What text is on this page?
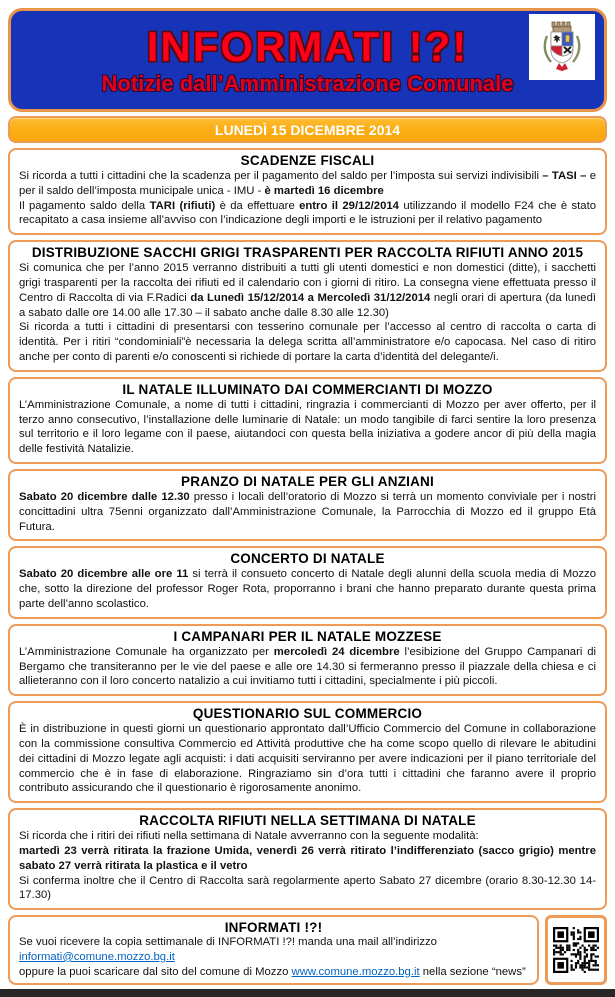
INFORMATI !?!
Notizie dall’Amministrazione Comunale
LUNEDÌ 15 DICEMBRE 2014
SCADENZE FISCALI

Si ricorda a tutti i cittadini che la scadenza per il pagamento del saldo per l’imposta sui servizi indivisibili – TASI – e per il saldo dell’imposta municipale unica - IMU - è martedì 16 dicembre

Il pagamento saldo della TARI (rifiuti) è da effettuare entro il 29/12/2014 utilizzando il modello F24 che è stato recapitato a casa insieme all’avviso con l’indicazione degli importi e le istruzioni per il relativo pagamento

DISTRIBUZIONE SACCHI GRIGI TRASPARENTI PER RACCOLTA RIFIUTI ANNO 2015

Si comunica che per l’anno 2015 verranno distribuiti a tutti gli utenti domestici e non domestici (ditte), i sacchetti grigi trasparenti per la raccolta dei rifiuti ed il calendario con i giorni di ritiro. La consegna viene effettuata presso il Centro di Raccolta di via F.Radici da Lunedì 15/12/2014 a Mercoledì 31/12/2014 negli orari di apertura (da lunedì a sabato dalle ore 14.00 alle 17.30 – il sabato anche dalle 8.30 alle 12.30)

Si ricorda a tutti i cittadini di presentarsi con tesserino comunale per l’accesso al centro di raccolta o carta di identità. Per i ritiri “condominiali”è necessaria la delega scritta all’amministratore e/o capocasa. Nel caso di ritiro anche per conto di parenti e/o conoscenti si richiede di portare la carta d’identità del delegante/i.

IL NATALE ILLUMINATO DAI COMMERCIANTI DI MOZZO

L’Amministrazione Comunale, a nome di tutti i cittadini, ringrazia i commercianti di Mozzo per aver offerto, per il terzo anno consecutivo, l’installazione delle luminarie di Natale: un modo tangibile di farci sentire la loro presenza sul territorio e il loro legame con il paese, aiutandoci con questa bella iniziativa a godere ancor di più della magia delle festività Natalizie.

PRANZO DI NATALE PER GLI ANZIANI

Sabato 20 dicembre dalle 12.30 presso i locali dell’oratorio di Mozzo si terrà un momento conviviale per i nostri concittadini ultra 75enni organizzato dall’Amministrazione Comunale, la Parrocchia di Mozzo ed il gruppo Età Futura.

CONCERTO DI NATALE

Sabato 20 dicembre alle ore 11 si terrà il consueto concerto di Natale degli alunni della scuola media di Mozzo che, sotto la direzione del professor Roger Rota, proporranno i brani che hanno preparato durante questa prima parte dell’anno scolastico.

I CAMPANARI PER IL NATALE MOZZESE

L’Amministrazione Comunale ha organizzato per mercoledì 24 dicembre l’esibizione del Gruppo Campanari di Bergamo che transiteranno per le vie del paese e alle ore 14.30 si fermeranno presso il piazzale della chiesa e ci allieteranno con il loro concerto natalizio a cui invitiamo tutti i cittadini, specialmente i più piccoli.

QUESTIONARIO SUL COMMERCIO

È in distribuzione in questi giorni un questionario approntato dall’Ufficio Commercio del Comune in collaborazione con la commissione consultiva Commercio ed Attività produttive che ha come scopo quello di rilevare le abitudini dei cittadini di Mozzo legate agli acquisti: i dati acquisiti serviranno per avere indicazioni per il piano territoriale del commercio che è in fase di elaborazione. Ringraziamo sin d’ora tutti i cittadini che faranno avere il proprio contributo assicurando che il questionario è rigorosamente anonimo.

RACCOLTA RIFIUTI NELLA SETTIMANA DI NATALE

Si ricorda che i ritiri dei rifiuti nella settimana di Natale avverranno con la seguente modalità:

martedì 23 verrà ritirata la frazione Umida, venerdì 26 verrà ritirato l’indifferenziato (sacco grigio) mentre sabato 27 verrà ritirata la plastica e il vetro

Si conferma inoltre che il Centro di Raccolta sarà regolarmente aperto Sabato 27 dicembre (orario 8.30-12.30 14-17.30)

INFORMATI !?!

Se vuoi ricevere la copia settimanale di INFORMATI !?! manda una mail all’indirizzo informati@comune.mozzo.bg.it

oppure la puoi scaricare dal sito del comune di Mozzo www.comune.mozzo.bg.it nella sezione “news”
